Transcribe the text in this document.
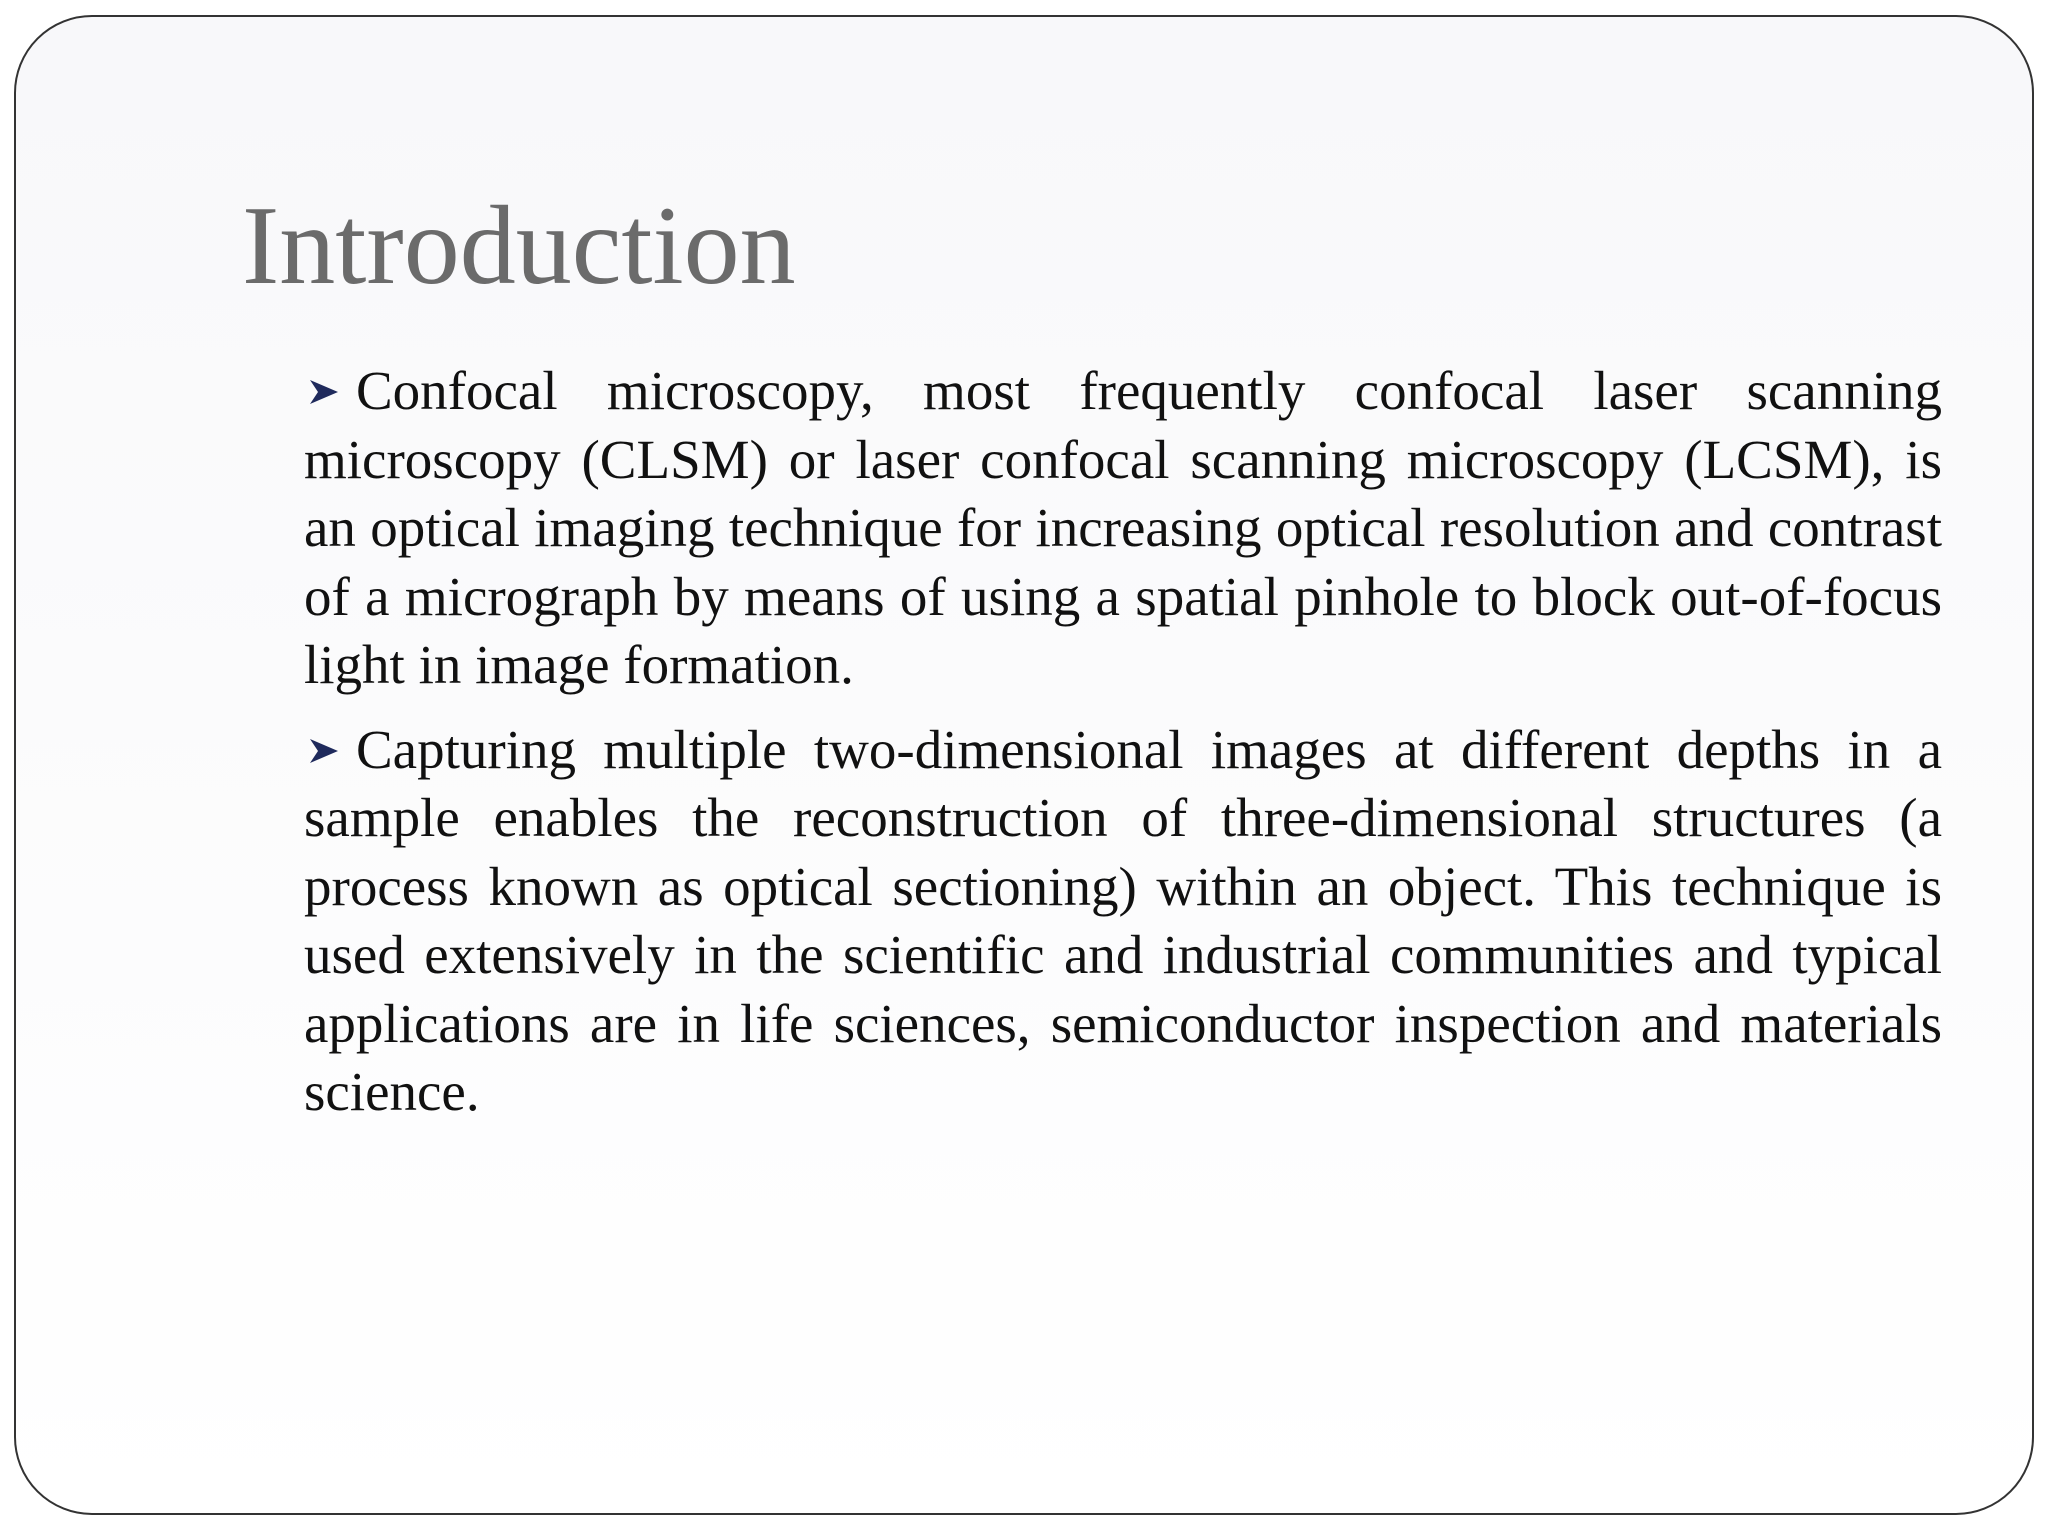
Introduction

Confocal microscopy, most frequently confocal laser scanning microscopy (CLSM) or laser confocal scanning microscopy (LCSM), is an optical imaging technique for increasing optical resolution and contrast of a micrograph by means of using a spatial pinhole to block out-of-focus light in image formation.

Capturing multiple two-dimensional images at different depths in a sample enables the reconstruction of three-dimensional structures (a process known as optical sectioning) within an object. This technique is used extensively in the scientific and industrial communities and typical applications are in life sciences, semiconductor inspection and materials science.
